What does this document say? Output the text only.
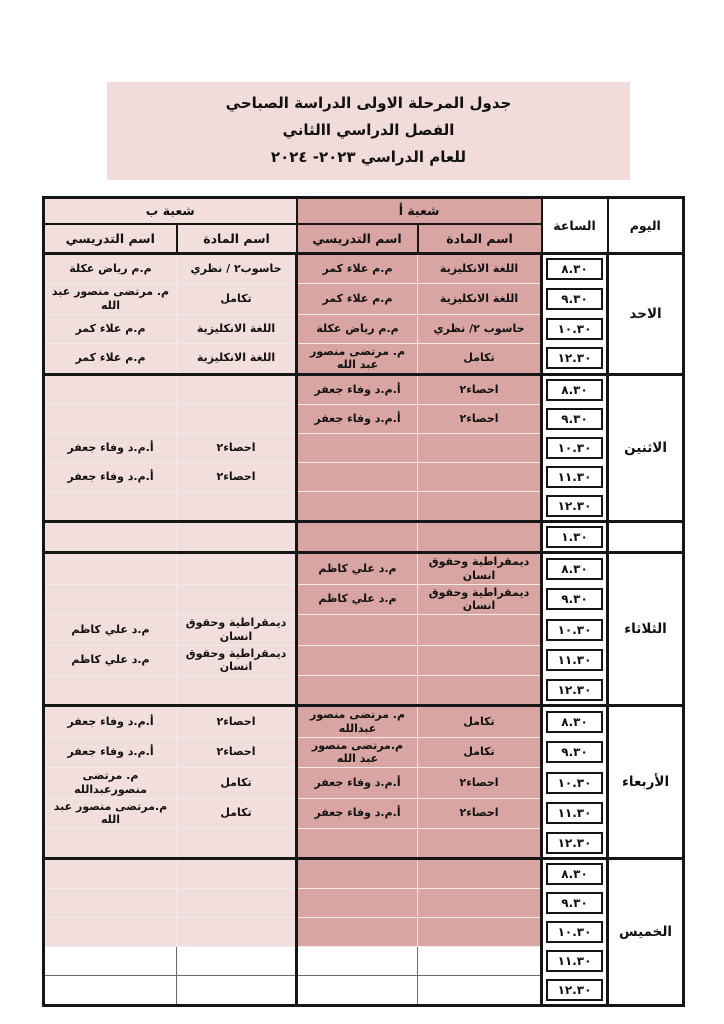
جدول المرحلة الاولى الدراسة الصباحي
الفصل الدراسي االثاني
للعام الدراسي ٢٠٢٣- ٢٠٢٤
شعبة ب		شعبة أ		الساعة	اليوم
اسم التدريسي	اسم المادة	اسم التدريسي	اسم المادة		
م.م رياض عكلة	حاسوب٢ / نظري	م.م علاء كمر	اللغة الانكليزية	٨.٣٠	الاحد
م. مرتضى منصور عبد الله	تكامل	م.م علاء كمر	اللغة الانكليزية	٩.٣٠	

م.م علاء كمر	اللغة الانكليزية	م.م رياض عكلة	حاسوب ٢/ نظري	١٠.٣٠	

م.م علاء كمر	اللغة الانكليزية	م. مرتضى منصور عبد الله	تكامل	١٢.٣٠	

		أ.م.د وفاء جعفر	احصاء٢	٨.٣٠	الاثنين
		أ.م.د وفاء جعفر	احصاء٢	٩.٣٠	

أ.م.د وفاء جعفر	احصاء٢			١٠.٣٠	

أ.م.د وفاء جعفر	احصاء٢			١١.٣٠	

				١٢.٣٠	

				١.٣٠	

		م.د علي كاظم	ديمقراطية وحقوق انسان	٨.٣٠	الثلاثاء
		م.د علي كاظم	ديمقراطية وحقوق انسان	٩.٣٠	

م.د علي كاظم	ديمقراطية وحقوق انسان			١٠.٣٠	

م.د علي كاظم	ديمقراطية وحقوق انسان			١١.٣٠	

				١٢.٣٠	

أ.م.د وفاء جعفر	احصاء٢	م. مرتضى منصور عبدالله	تكامل	٨.٣٠	الأربعاء
أ.م.د وفاء جعفر	احصاء٢	م.مرتضى منصور عبد الله	تكامل	٩.٣٠	

م. مرتضى منصورعبدالله	تكامل	أ.م.د وفاء جعفر	احصاء٢	١٠.٣٠	

م.مرتضى منصور عبد الله	تكامل	أ.م.د وفاء جعفر	احصاء٢	١١.٣٠	

				١٢.٣٠	

				٨.٣٠	الخميس

				٩.٣٠	

				١٠.٣٠	

				١١.٣٠	

				١٢.٣٠	
